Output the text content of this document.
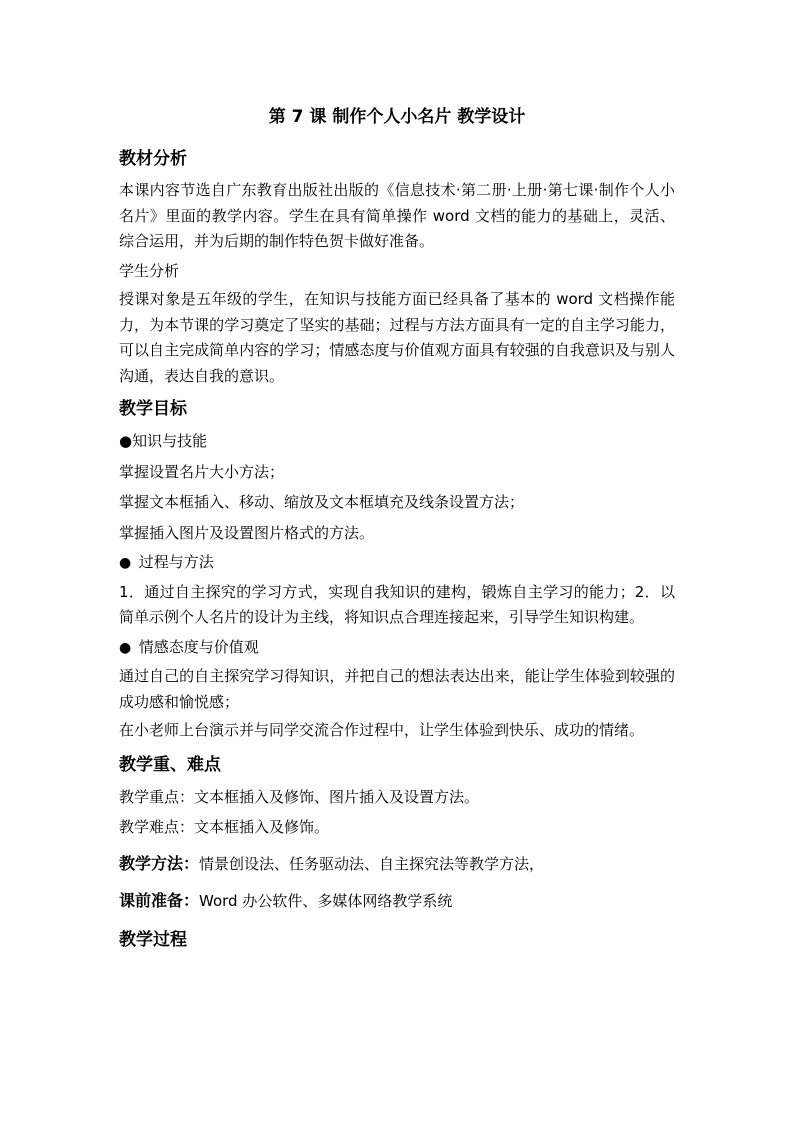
第 7 课 制作个人小名片 教学设计
教材分析

本课内容节选自广东教育出版社出版的《信息技术·第二册·上册·第七课·制作个人小名片》里面的教学内容。学生在具有简单操作 word 文档的能力的基础上，灵活、综合运用，并为后期的制作特色贺卡做好准备。

学生分析

授课对象是五年级的学生，在知识与技能方面已经具备了基本的 word 文档操作能力，为本节课的学习奠定了坚实的基础；过程与方法方面具有一定的自主学习能力，可以自主完成简单内容的学习；情感态度与价值观方面具有较强的自我意识及与别人沟通，表达自我的意识。

教学目标

●知识与技能

掌握设置名片大小方法；

掌握文本框插入、移动、缩放及文本框填充及线条设置方法；

掌握插入图片及设置图片格式的方法。

● 过程与方法

1．通过自主探究的学习方式，实现自我知识的建构，锻炼自主学习的能力；2．以简单示例个人名片的设计为主线，将知识点合理连接起来，引导学生知识构建。

● 情感态度与价值观

通过自己的自主探究学习得知识，并把自己的想法表达出来，能让学生体验到较强的成功感和愉悦感；

在小老师上台演示并与同学交流合作过程中，让学生体验到快乐、成功的情绪。

教学重、难点

教学重点：文本框插入及修饰、图片插入及设置方法。

教学难点：文本框插入及修饰。

教学方法：情景创设法、任务驱动法、自主探究法等教学方法，

课前准备：Word 办公软件、多媒体网络教学系统

教学过程
